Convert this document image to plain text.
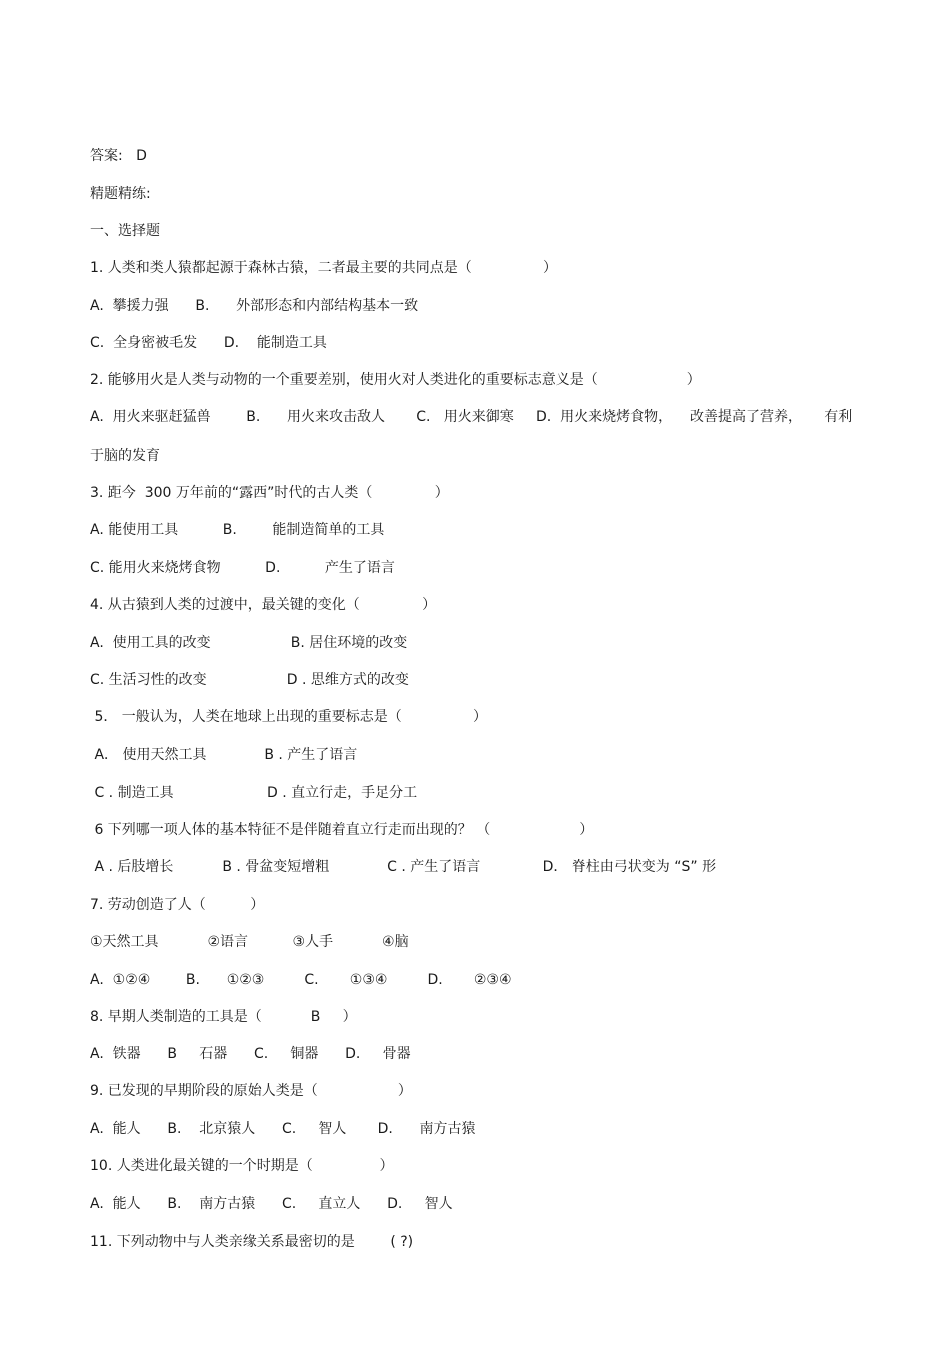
答案:   D
精题精练:
一、选择题
1. 人类和类人猿都起源于森林古猿，二者最主要的共同点是（                ）
A.  攀援力强      B.      外部形态和内部结构基本一致
C.  全身密被毛发      D.    能制造工具
2. 能够用火是人类与动物的一个重要差别，使用火对人类进化的重要标志意义是（                    ）
A.  用火来驱赶猛兽        B.      用火来攻击敌人       C.   用火来御寒     D.  用火来烧烤食物，    改善提高了营养，     有利
于脑的发育
3. 距今  300 万年前的“露西”时代的古人类（              ）
A. 能使用工具          B.        能制造简单的工具
C. 能用火来烧烤食物          D.          产生了语言
4. 从古猿到人类的过渡中，最关键的变化（              ）
A.  使用工具的改变                  B. 居住环境的改变
C. 生活习性的改变                  D . 思维方式的改变
5． 一般认为，人类在地球上出现的重要标志是（                ）
A． 使用天然工具             B . 产生了语言
C . 制造工具                     D . 直立行走，手足分工
6 下列哪一项人体的基本特征不是伴随着直立行走而出现的？ （                    ）
A . 后肢增长           B . 骨盆变短增粗             C . 产生了语言              D． 脊柱由弓状变为 “S” 形
7. 劳动创造了人（          ）
①天然工具           ②语言          ③人手           ④脑
A.  ①②④        B.      ①②③         C.       ①③④         D.       ②③④
8. 早期人类制造的工具是（           B     ）
A.  铁器      B     石器      C.     铜器      D.     骨器
9. 已发现的早期阶段的原始人类是（                  ）
A.  能人      B.    北京猿人      C.     智人       D.      南方古猿
10. 人类进化最关键的一个时期是（               ）
A.  能人      B.    南方古猿      C.     直立人      D.     智人
11. 下列动物中与人类亲缘关系最密切的是        ( ?)
